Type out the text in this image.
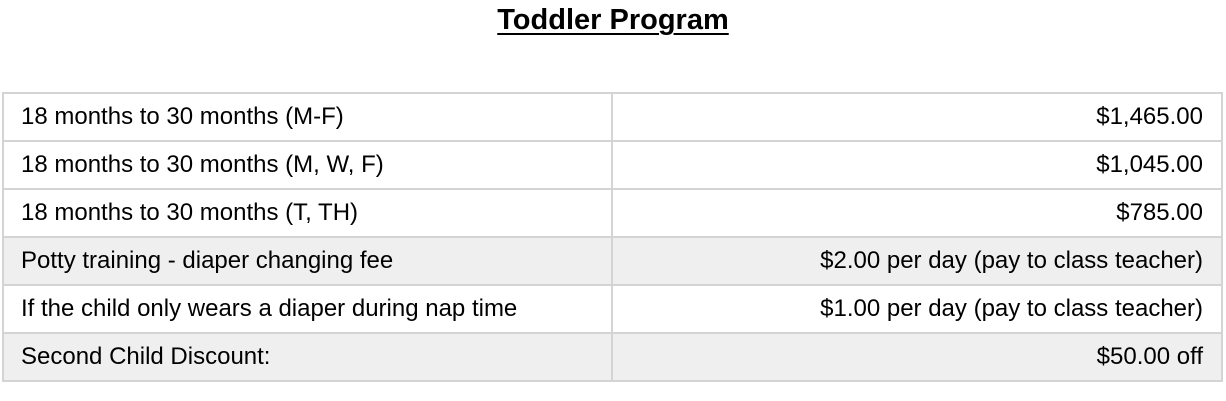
Toddler Program
18 months to 30 months (M-F)	$1,465.00
18 months to 30 months (M, W, F)	$1,045.00
18 months to 30 months (T, TH)	$785.00
Potty training - diaper changing fee	$2.00 per day (pay to class teacher)
If the child only wears a diaper during nap time	$1.00 per day (pay to class teacher)
Second Child Discount:	$50.00 off
